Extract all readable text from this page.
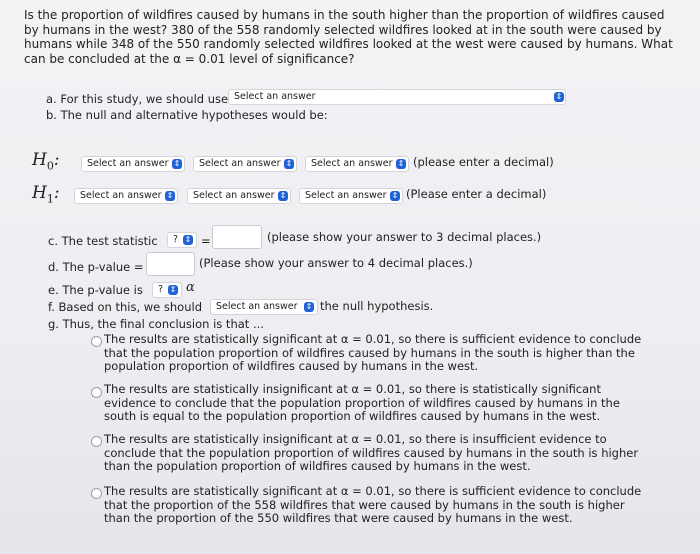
Is the proportion of wildfires caused by humans in the south higher than the proportion of wildfires caused by humans in the west? 380 of the 558 randomly selected wildfires looked at in the south were caused by humans while 348 of the 550 randomly selected wildfires looked at the west were caused by humans. What can be concluded at the α = 0.01 level of significance?
a. For this study, we should use Select an answer	⇕
b. The null and alternative hypotheses would be:
$H_0$:	Select an answer ⇕	Select an answer ⇕	Select an answer ⇕ (please enter a decimal)
$H_1$:	Select an answer ⇕	Select an answer ⇕	Select an answer ⇕ (Please enter a decimal)
c. The test statistic	? ⇕ =	(please show your answer to 3 decimal places.)
d. The p-value =	(Please show your answer to 4 decimal places.)
e. The p-value is	? ⇕ α
f. Based on this, we should	Select an answer	⇕ the null hypothesis.
g. Thus, the final conclusion is that ...
The results are statistically significant at α = 0.01, so there is sufficient evidence to conclude that the population proportion of wildfires caused by humans in the south is higher than the population proportion of wildfires caused by humans in the west.
The results are statistically insignificant at α = 0.01, so there is statistically significant evidence to conclude that the population proportion of wildfires caused by humans in the south is equal to the population proportion of wildfires caused by humans in the west.
The results are statistically insignificant at α = 0.01, so there is insufficient evidence to conclude that the population proportion of wildfires caused by humans in the south is higher than the population proportion of wildfires caused by humans in the west.
The results are statistically significant at α = 0.01, so there is sufficient evidence to conclude that the proportion of the 558 wildfires that were caused by humans in the south is higher than the proportion of the 550 wildfires that were caused by humans in the west.
